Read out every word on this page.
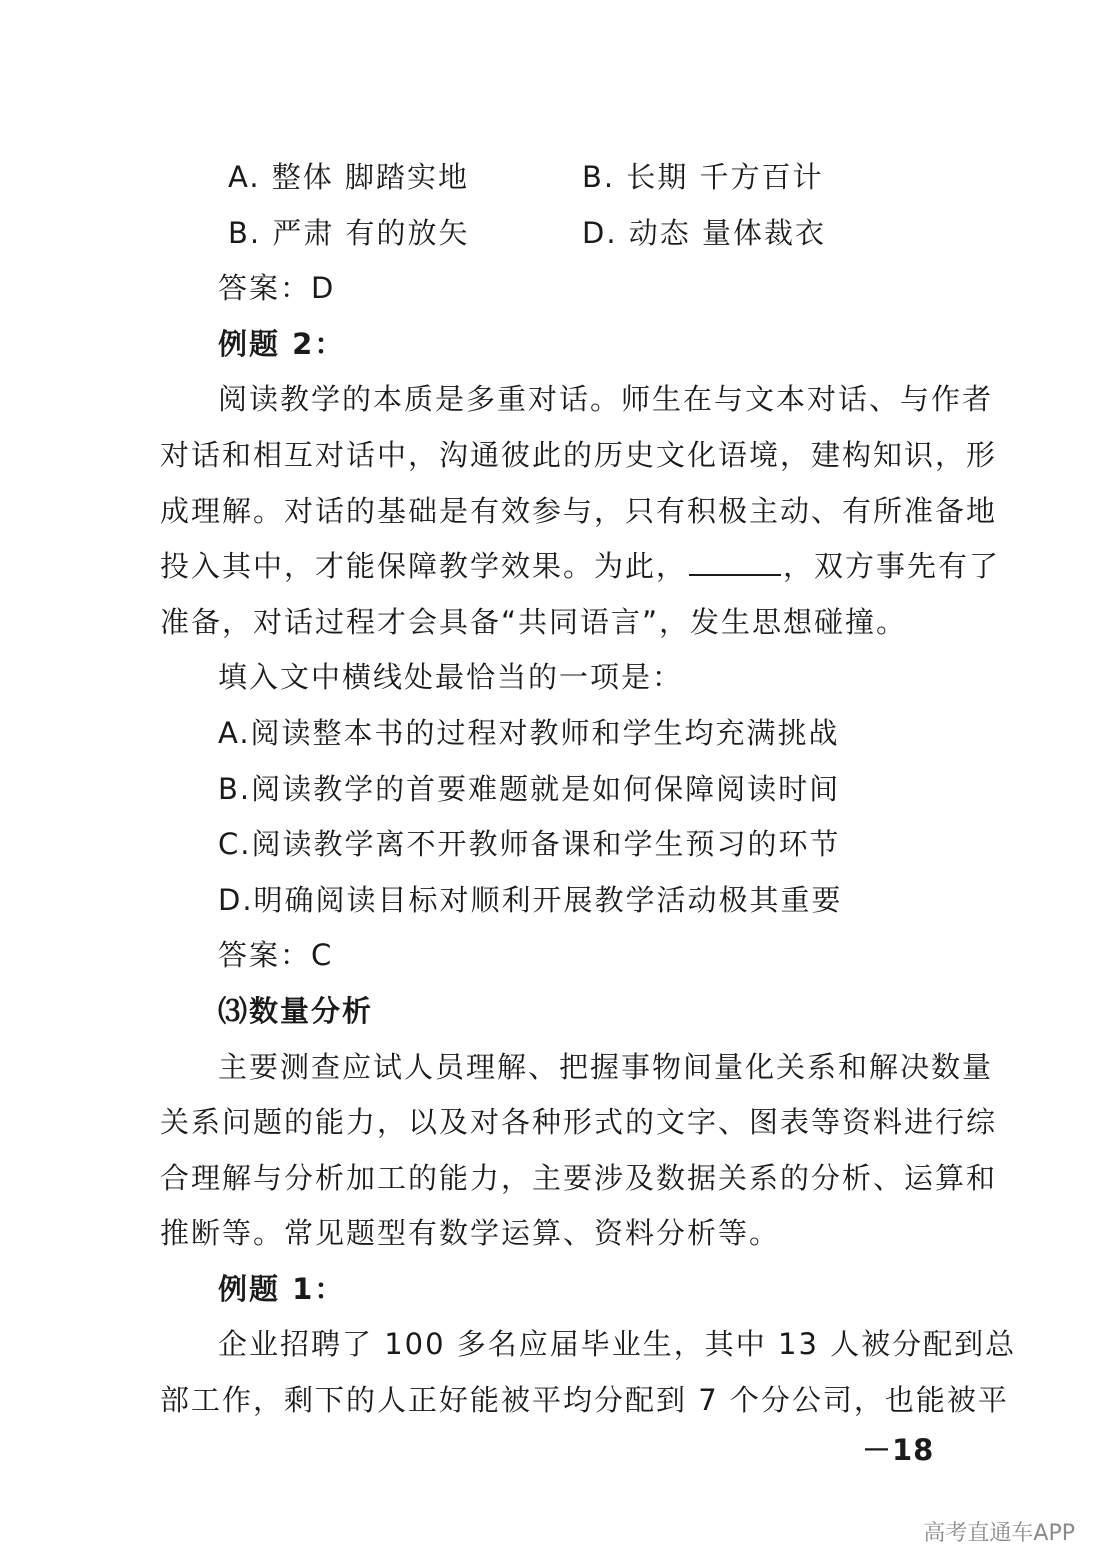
A. 整体 脚踏实地	B. 长期 千方百计
B. 严肃 有的放矢	D. 动态 量体裁衣
答案：D
例题 2：
阅读教学的本质是多重对话。师生在与文本对话、与作者
对话和相互对话中，沟通彼此的历史文化语境，建构知识，形
成理解。对话的基础是有效参与，只有积极主动、有所准备地
投入其中，才能保障教学效果。为此，	，双方事先有了
准备，对话过程才会具备“共同语言”，发生思想碰撞。
填入文中横线处最恰当的一项是：
A.阅读整本书的过程对教师和学生均充满挑战
B.阅读教学的首要难题就是如何保障阅读时间
C.阅读教学离不开教师备课和学生预习的环节
D.明确阅读目标对顺利开展教学活动极其重要
答案：C
⑶数量分析
主要测查应试人员理解、把握事物间量化关系和解决数量
关系问题的能力，以及对各种形式的文字、图表等资料进行综
合理解与分析加工的能力，主要涉及数据关系的分析、运算和
推断等。常见题型有数学运算、资料分析等。
例题 1：
企业招聘了 100 多名应届毕业生，其中 13 人被分配到总
部工作，剩下的人正好能被平均分配到 7 个分公司，也能被平
－18
高考直通车APP
